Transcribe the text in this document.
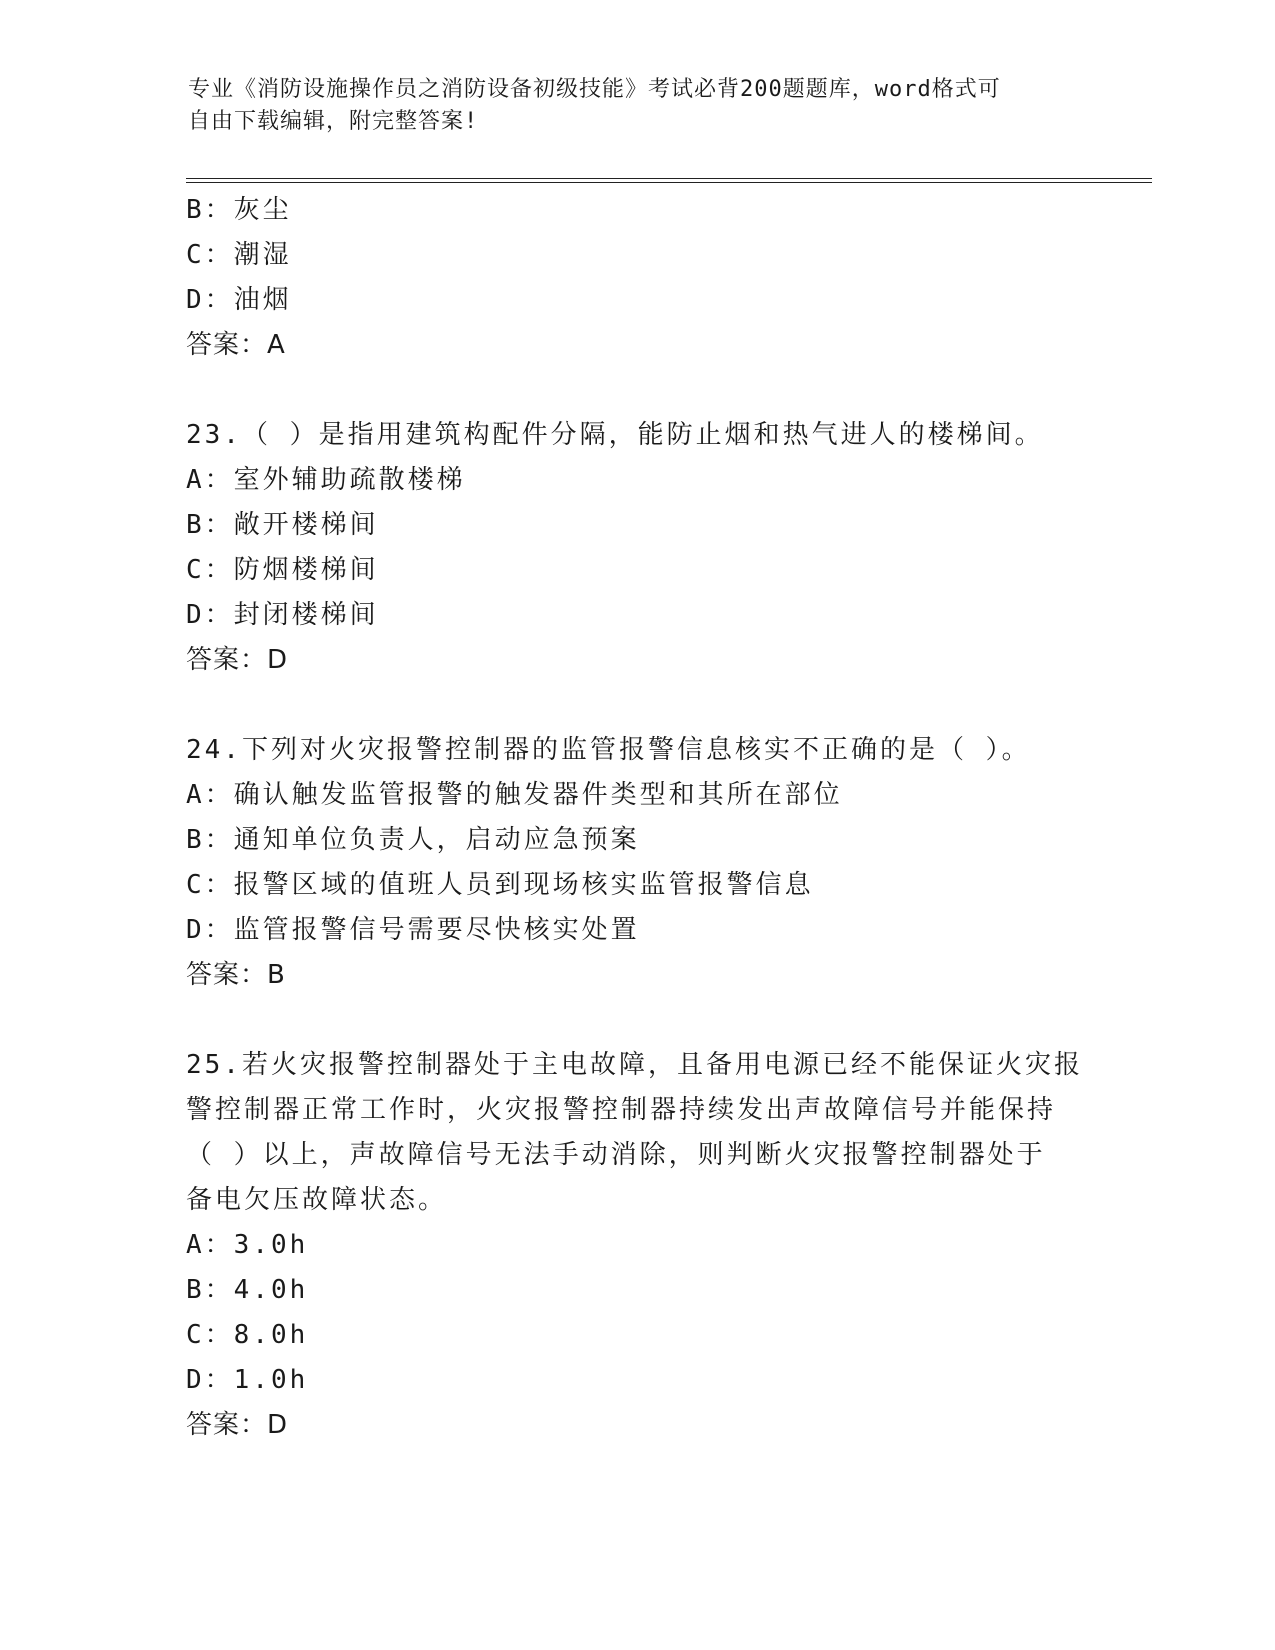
专业《消防设施操作员之消防设备初级技能》考试必背200题题库，word格式可
自由下载编辑，附完整答案!
B：灰尘
C：潮湿
D：油烟
答案：A
23.（ ）是指用建筑构配件分隔，能防止烟和热气进人的楼梯间。
A：室外辅助疏散楼梯
B：敞开楼梯间
C：防烟楼梯间
D：封闭楼梯间
答案：D
24.下列对火灾报警控制器的监管报警信息核实不正确的是（ ）。
A：确认触发监管报警的触发器件类型和其所在部位
B：通知单位负责人，启动应急预案
C：报警区域的值班人员到现场核实监管报警信息
D：监管报警信号需要尽快核实处置
答案：B
25.若火灾报警控制器处于主电故障，且备用电源已经不能保证火灾报
警控制器正常工作时，火灾报警控制器持续发出声故障信号并能保持
（ ）以上，声故障信号无法手动消除，则判断火灾报警控制器处于
备电欠压故障状态。
A：3.0h
B：4.0h
C：8.0h
D：1.0h
答案：D
